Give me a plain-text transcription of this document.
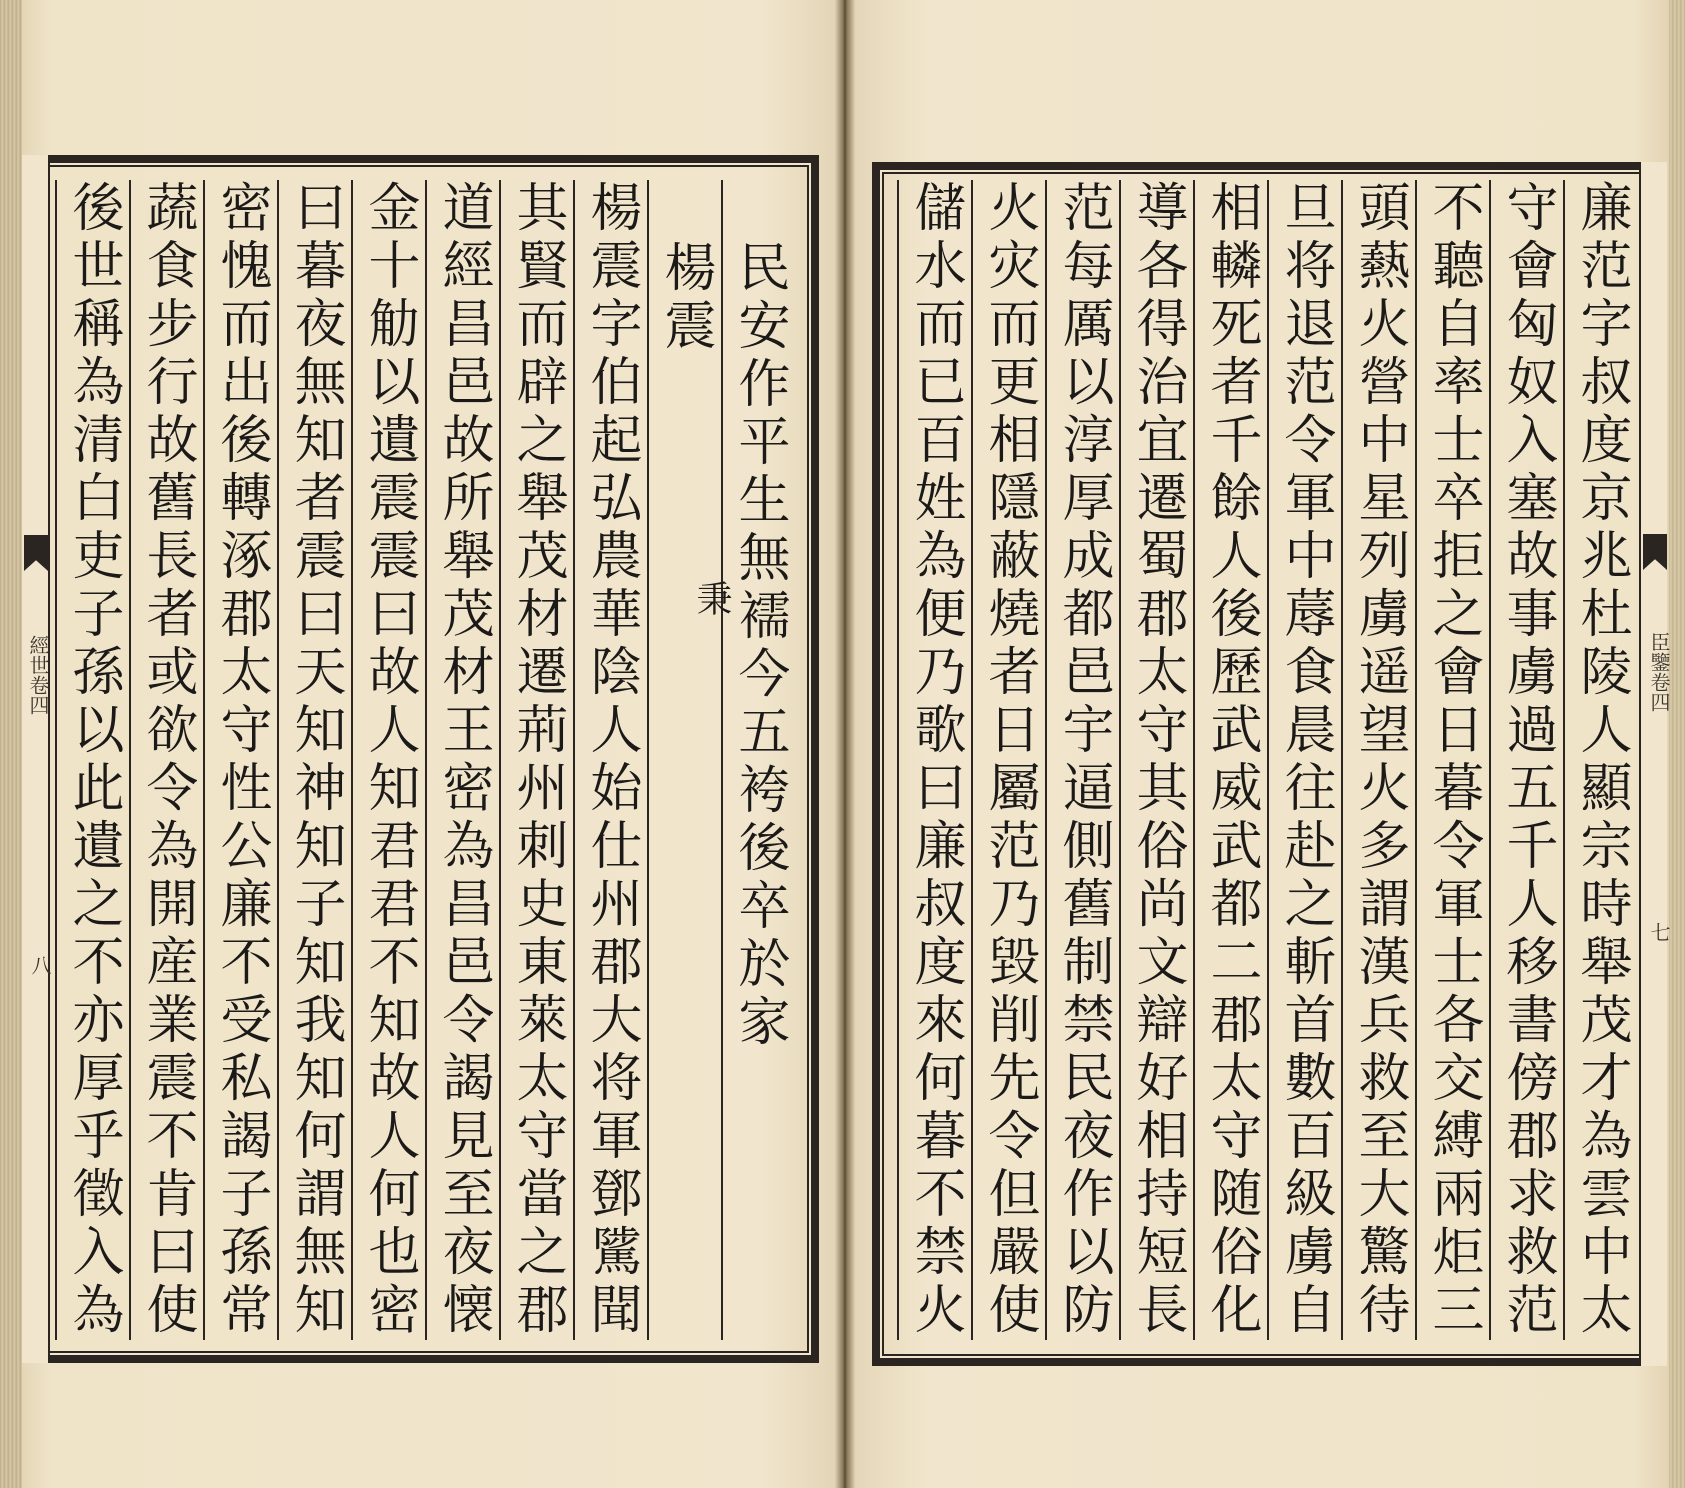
經世卷四
八	民安作平生無襦今五袴後卒於家
楊震
楊震字伯起弘農華陰人始仕州郡大将軍鄧騭聞
其賢而辟之舉茂材遷荊州刺史東萊太守當之郡
道經昌邑故所舉茂材王密為昌邑令謁見至夜懐
金十觔以遺震震曰故人知君君不知故人何也密
曰暮夜無知者震曰天知神知子知我知何謂無知
密愧而出後轉涿郡太守性公廉不受私謁子孫常
蔬食步行故舊長者或欲令為開産業震不肯曰使
後世稱為清白吏子孫以此遺之不亦厚乎徵入為	臣鑒卷四
七
廉范字叔度京兆杜陵人顯宗時舉茂才為雲中太
守會匈奴入塞故事虜過五千人移書傍郡求救范
不聽自率士卒拒之會日暮令軍士各交縛兩炬三
頭爇火營中星列虜遥望火多謂漢兵救至大驚待
旦将退范令軍中蓐食晨往赴之斬首數百級虜自
相轔死者千餘人後歷武威武都二郡太守随俗化
導各得治宜遷蜀郡太守其俗尚文辯好相持短長
范每厲以淳厚成都邑宇逼側舊制禁民夜作以防
火灾而更相隱蔽燒者日屬范乃毀削先令但嚴使
儲水而已百姓為便乃歌曰廉叔度來何暮不禁火
秉
